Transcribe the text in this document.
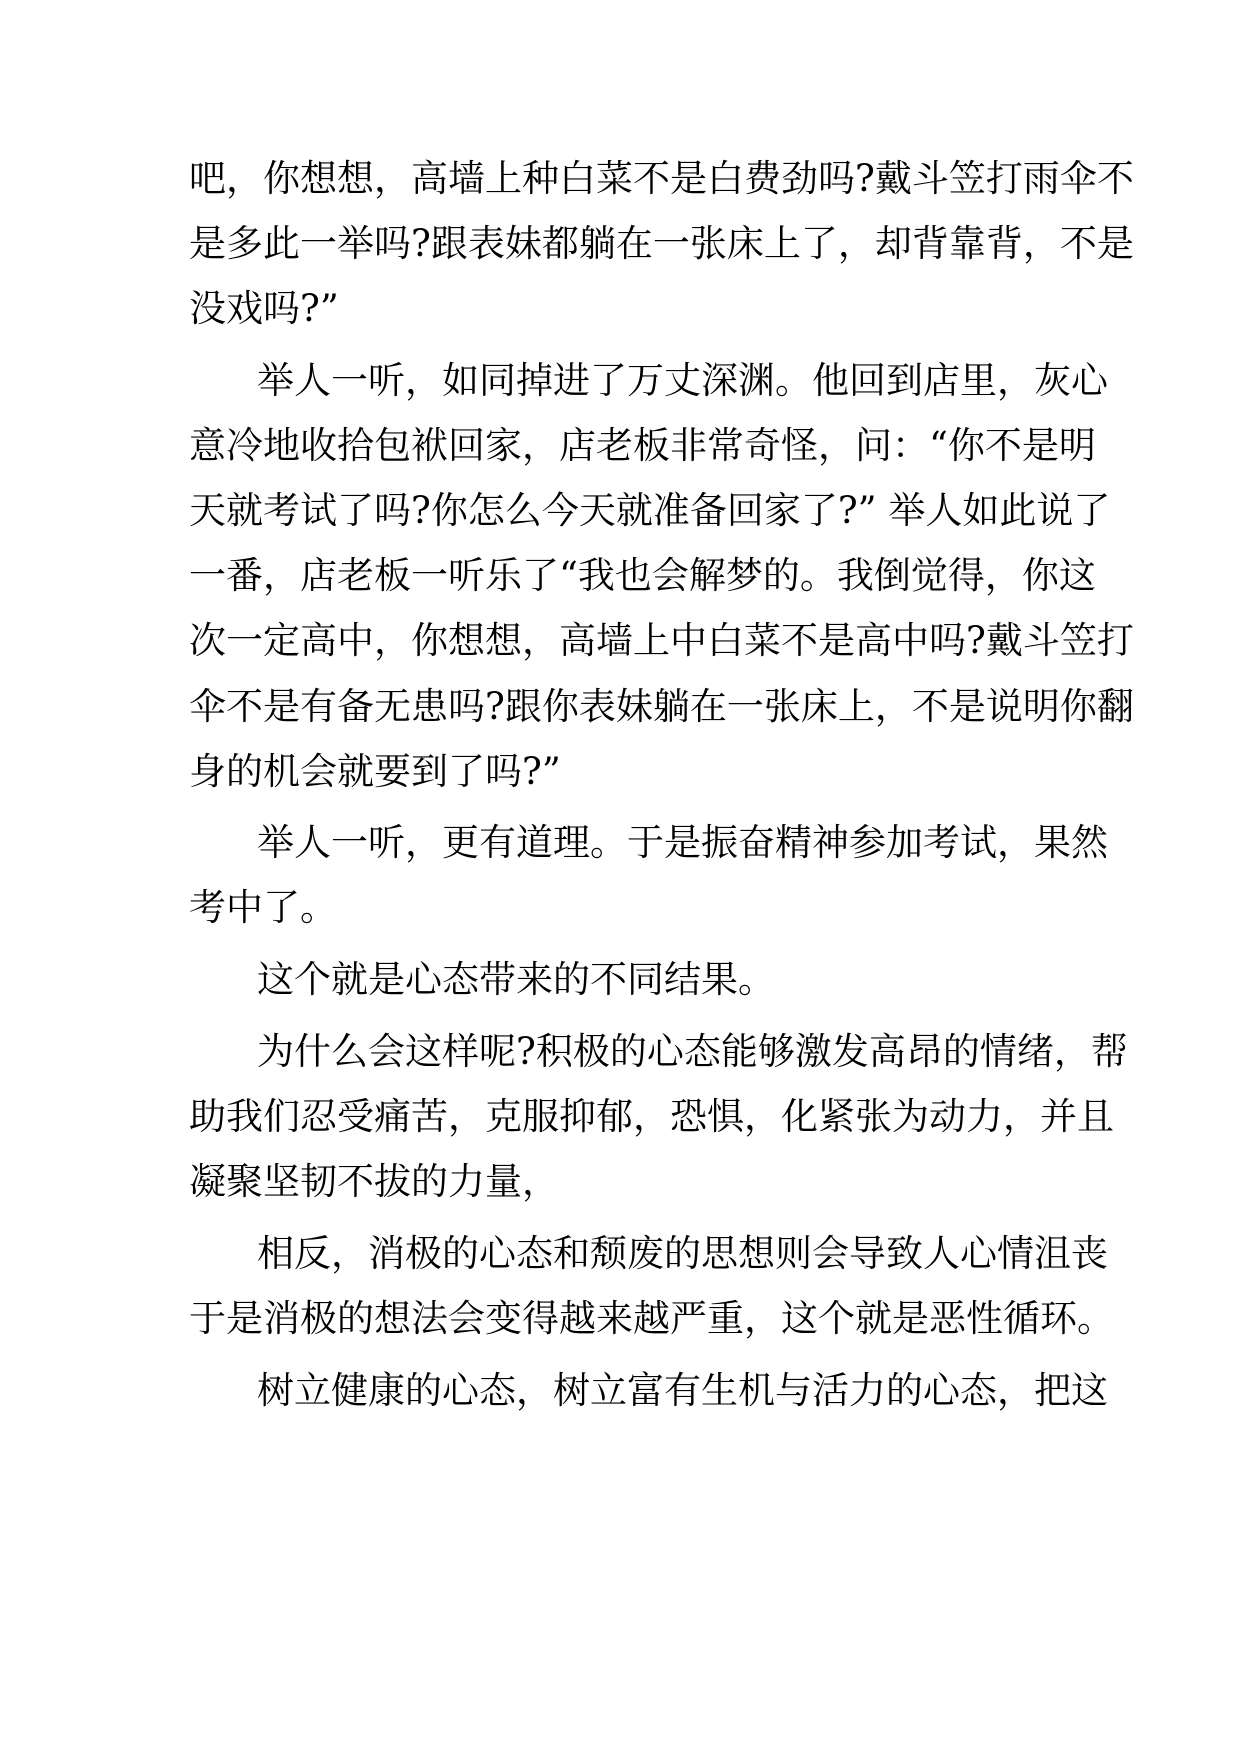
吧，你想想，高墙上种白菜不是白费劲吗?戴斗笠打雨伞不
是多此一举吗?跟表妹都躺在一张床上了，却背靠背，不是
没戏吗?”
举人一听，如同掉进了万丈深渊。他回到店里，灰心
意冷地收拾包袱回家，店老板非常奇怪，问：“你不是明
天就考试了吗?你怎么今天就准备回家了?” 举人如此说了
一番，店老板一听乐了“我也会解梦的。我倒觉得，你这
次一定高中，你想想，高墙上中白菜不是高中吗?戴斗笠打
伞不是有备无患吗?跟你表妹躺在一张床上，不是说明你翻
身的机会就要到了吗?”
举人一听，更有道理。于是振奋精神参加考试，果然
考中了。
这个就是心态带来的不同结果。
为什么会这样呢?积极的心态能够激发高昂的情绪，帮
助我们忍受痛苦，克服抑郁，恐惧，化紧张为动力，并且
凝聚坚韧不拔的力量，
相反，消极的心态和颓废的思想则会导致人心情沮丧
于是消极的想法会变得越来越严重，这个就是恶性循环。
树立健康的心态，树立富有生机与活力的心态，把这
